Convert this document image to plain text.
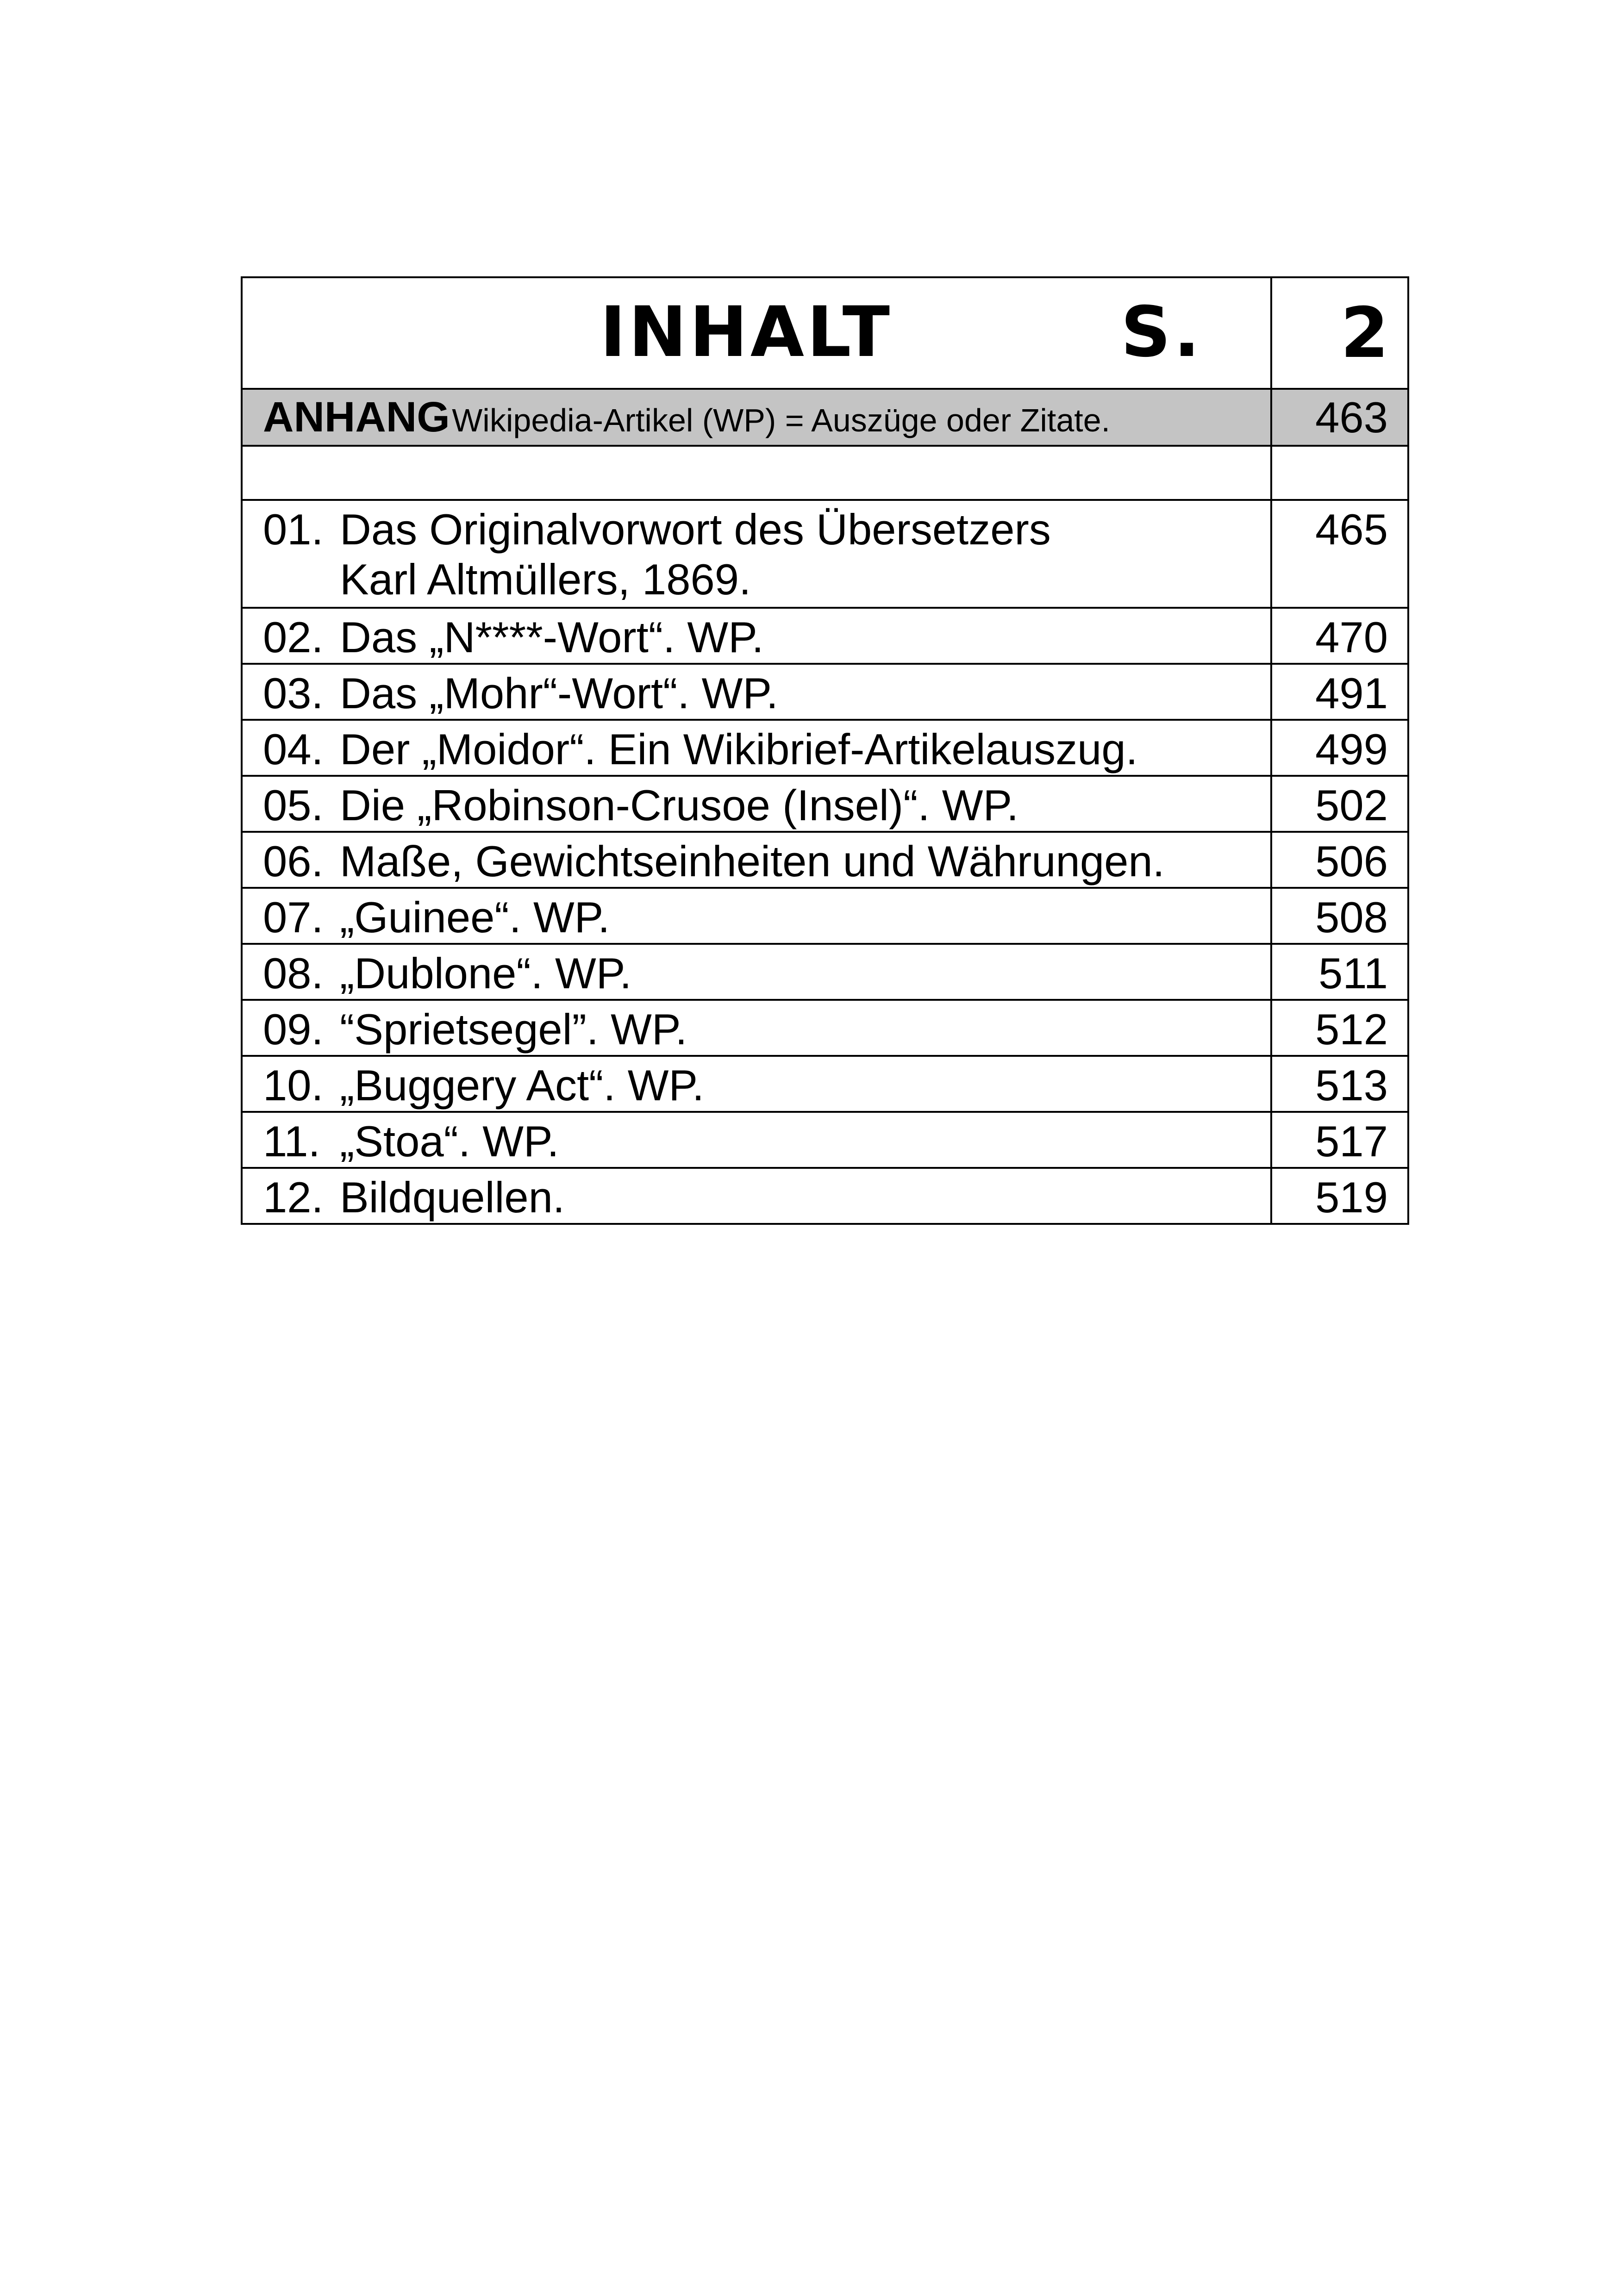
INHALT S.	2
ANHANG Wikipedia-Artikel (WP) = Auszüge oder Zitate.	463

01. Das Originalvorwort des Übersetzers
Karl Altmüllers, 1869.	465
02. Das „N****-Wort“. WP.	470
03. Das „Mohr“-Wort“. WP.	491
04. Der „Moidor“. Ein Wikibrief-Artikelauszug.	499
05. Die „Robinson-Crusoe (Insel)“. WP.	502
06. Maße, Gewichtseinheiten und Währungen.	506
07. „Guinee“. WP.	508
08. „Dublone“. WP.	511
09. “Sprietsegel”. WP.	512
10. „Buggery Act“. WP.	513
11. „Stoa“. WP.	517
12. Bildquellen.	519
